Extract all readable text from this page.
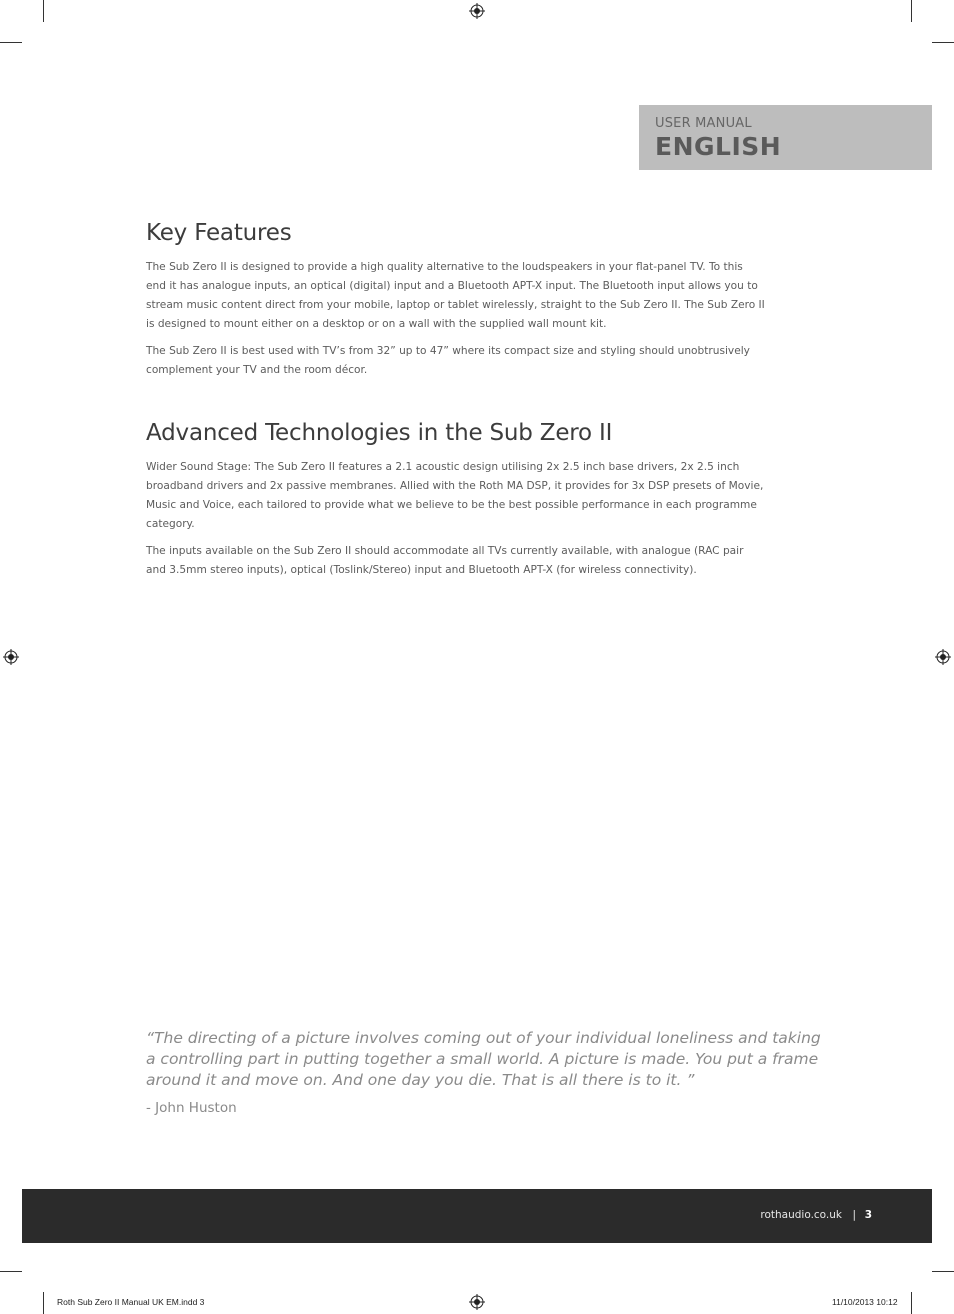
USER MANUAL
ENGLISH
Key Features

The Sub Zero II is designed to provide a high quality alternative to the loudspeakers in your flat-panel TV. To this end it has analogue inputs, an optical (digital) input and a Bluetooth APT-X input. The Bluetooth input allows you to stream music content direct from your mobile, laptop or tablet wirelessly, straight to the Sub Zero II. The Sub Zero II is designed to mount either on a desktop or on a wall with the supplied wall mount kit.

The Sub Zero II is best used with TV’s from 32” up to 47” where its compact size and styling should unobtrusively complement your TV and the room décor.

Advanced Technologies in the Sub Zero II

Wider Sound Stage: The Sub Zero II features a 2.1 acoustic design utilising 2x 2.5 inch base drivers, 2x 2.5 inch broadband drivers and 2x passive membranes. Allied with the Roth MA DSP, it provides for 3x DSP presets of Movie, Music and Voice, each tailored to provide what we believe to be the best possible performance in each programme category.

The inputs available on the Sub Zero II should accommodate all TVs currently available, with analogue (RAC pair and 3.5mm stereo inputs), optical (Toslink/Stereo) input and Bluetooth APT-X (for wireless connectivity).

“The directing of a picture involves coming out of your individual loneliness and taking a controlling part in putting together a small world. A picture is made. You put a frame around it and move on. And one day you die. That is all there is to it. ”
- John Huston
rothaudio.co.uk | 3
Roth Sub Zero II Manual UK EM.indd 3	11/10/2013 10:12
